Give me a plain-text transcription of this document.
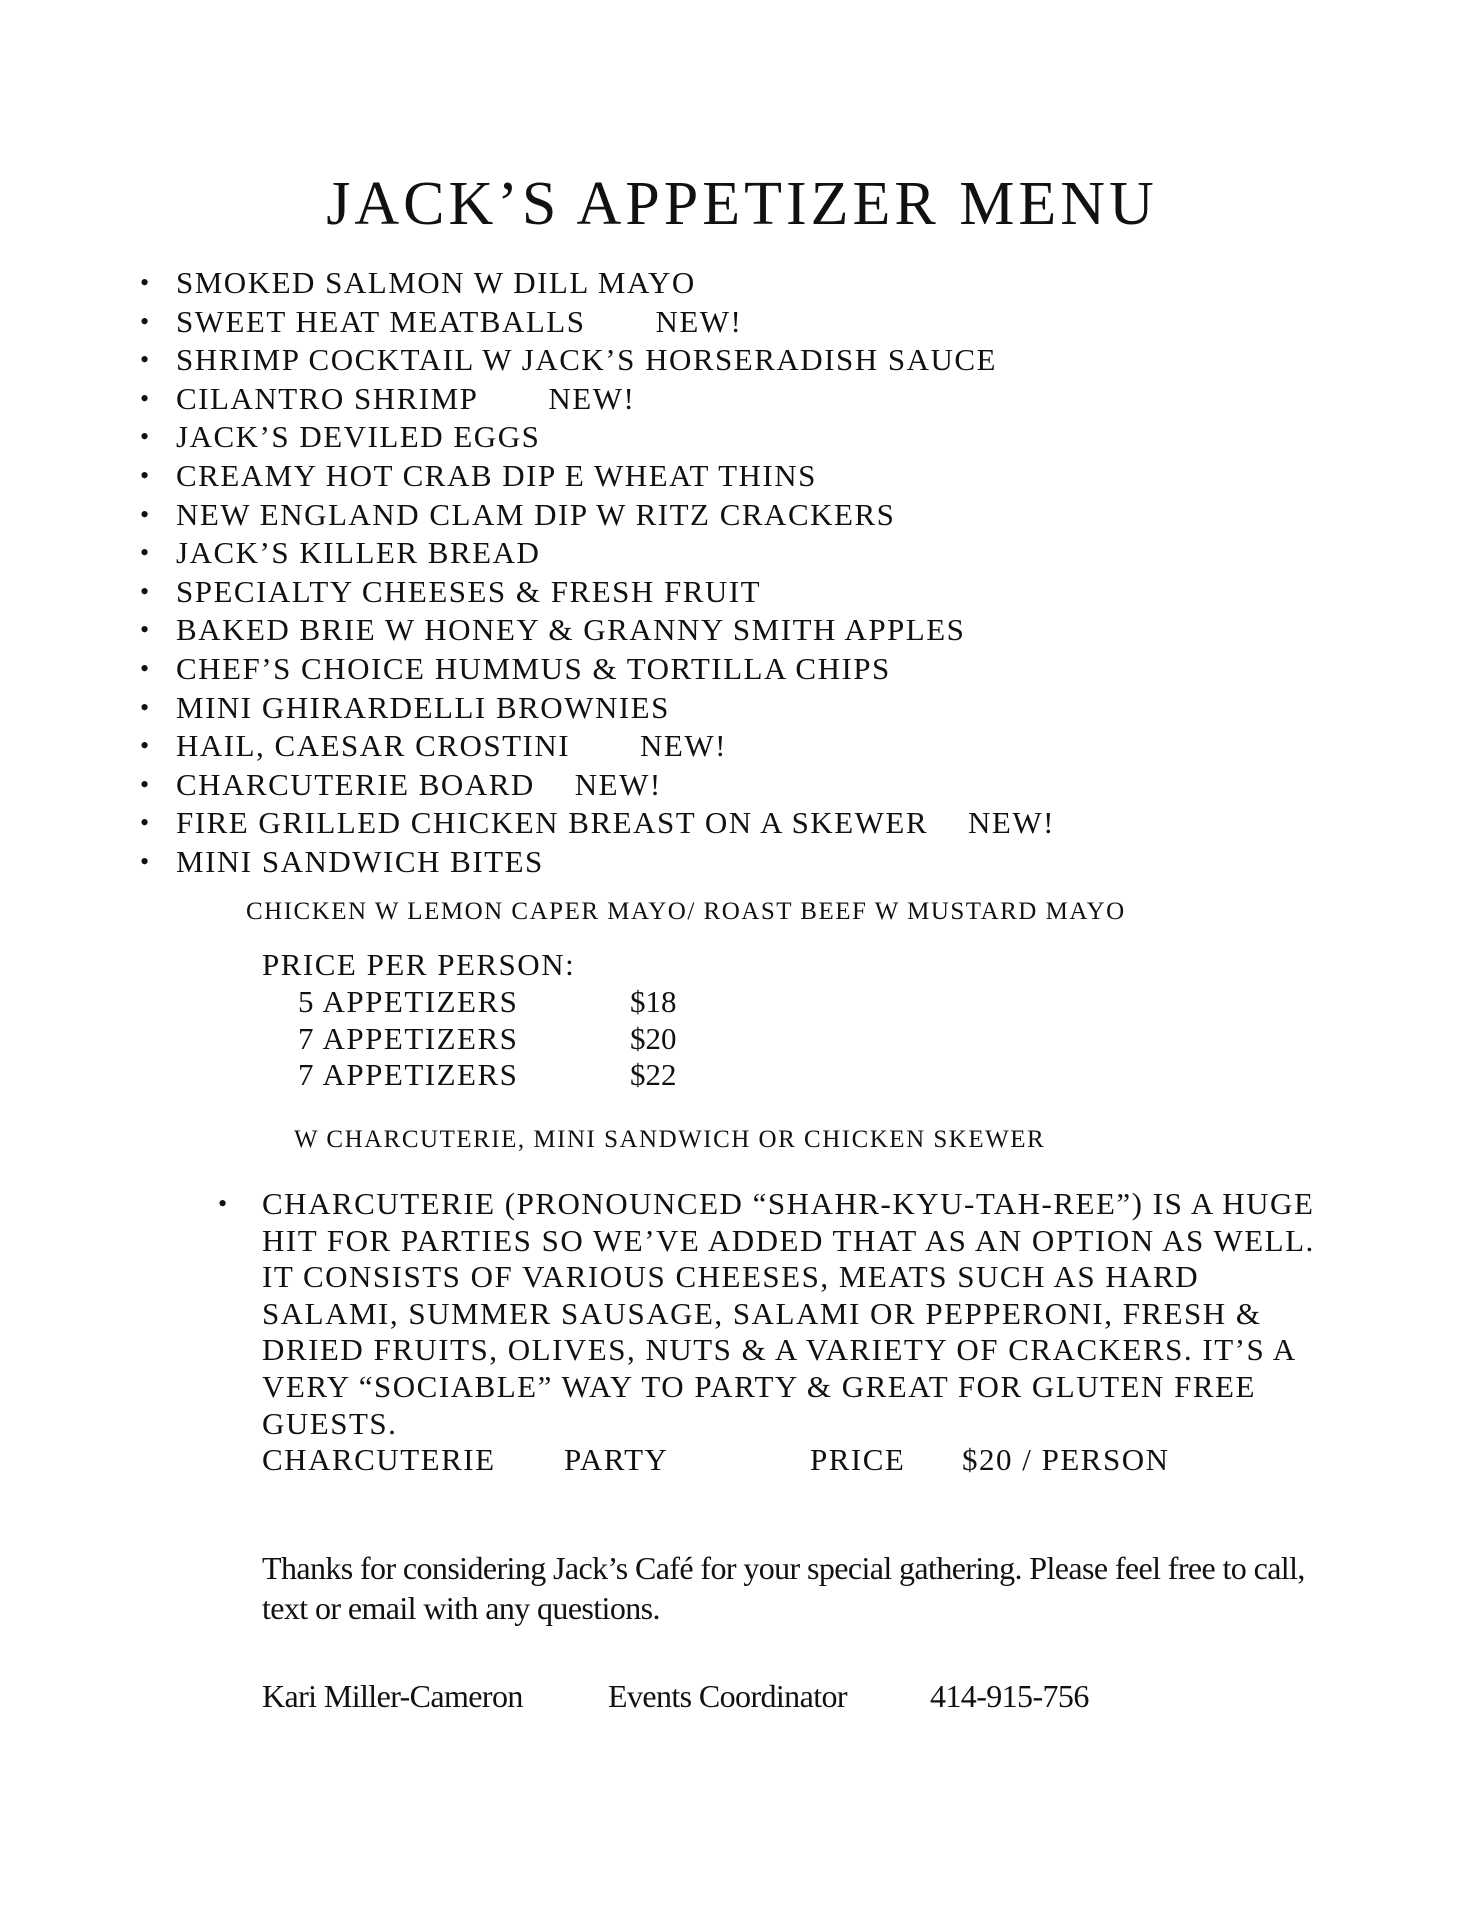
JACK’S APPETIZER MENU
• SMOKED SALMON W DILL MAYO
• SWEET HEAT MEATBALLS NEW!
• SHRIMP COCKTAIL W JACK’S HORSERADISH SAUCE
• CILANTRO SHRIMP NEW!
• JACK’S DEVILED EGGS
• CREAMY HOT CRAB DIP E WHEAT THINS
• NEW ENGLAND CLAM DIP W RITZ CRACKERS
• JACK’S KILLER BREAD
• SPECIALTY CHEESES & FRESH FRUIT
• BAKED BRIE W HONEY & GRANNY SMITH APPLES
• CHEF’S CHOICE HUMMUS & TORTILLA CHIPS
• MINI GHIRARDELLI BROWNIES
• HAIL, CAESAR CROSTINI NEW!
• CHARCUTERIE BOARD NEW!
• FIRE GRILLED CHICKEN BREAST ON A SKEWER NEW!
• MINI SANDWICH BITES
CHICKEN W LEMON CAPER MAYO/ ROAST BEEF W MUSTARD MAYO
PRICE PER PERSON:
5 APPETIZERS	$18
7 APPETIZERS	$20
7 APPETIZERS	$22
W CHARCUTERIE, MINI SANDWICH OR CHICKEN SKEWER
• CHARCUTERIE (PRONOUNCED “SHAHR-KYU-TAH-REE”) IS A HUGE HIT FOR PARTIES SO WE’VE ADDED THAT AS AN OPTION AS WELL. IT CONSISTS OF VARIOUS CHEESES, MEATS SUCH AS HARD SALAMI, SUMMER SAUSAGE, SALAMI OR PEPPERONI, FRESH & DRIED FRUITS, OLIVES, NUTS & A VARIETY OF CRACKERS. IT’S A VERY “SOCIABLE” WAY TO PARTY & GREAT FOR GLUTEN FREE GUESTS.
CHARCUTERIE PARTY	PRICE $20 / PERSON
Thanks for considering Jack’s Café for your special gathering. Please feel free to call, text or email with any questions.
Kari Miller-Cameron	Events Coordinator	414-915-756
